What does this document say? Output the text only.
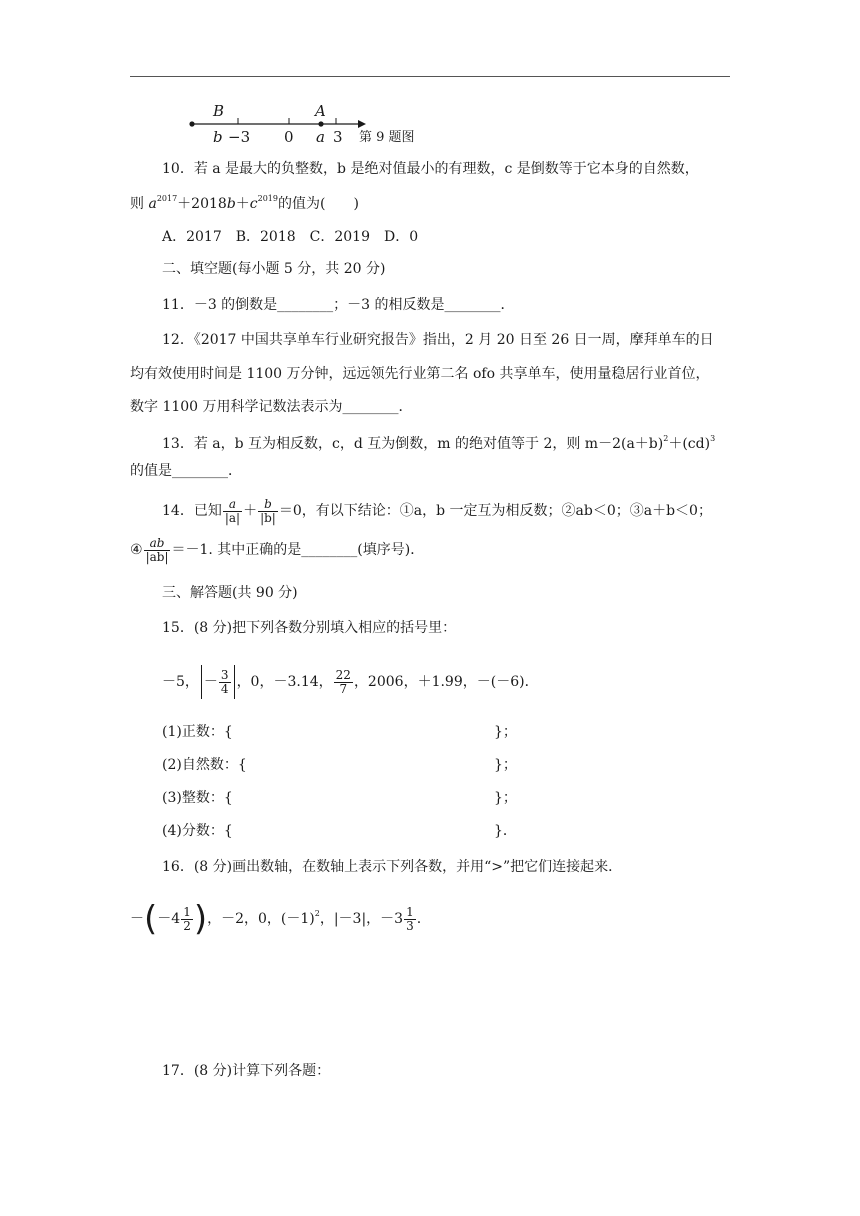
B	A
b −3 0 a 3 第 9 题图
10．若 a 是最大的负整数，b 是绝对值最小的有理数，c 是倒数等于它本身的自然数，
则 $a^{2017}+2018b+c^{2019}$的值为(　　)
A．2017　B．2018　C．2019　D．0
二、填空题(每小题 5 分，共 20 分)
11．－3 的倒数是________；－3 的相反数是________．
12．《2017 中国共享单车行业研究报告》指出，2 月 20 日至 26 日一周，摩拜单车的日
均有效使用时间是 1100 万分钟，远远领先行业第二名 ofo 共享单车，使用量稳居行业首位，
数字 1100 万用科学记数法表示为________．
13．若 a，b 互为相反数，c，d 互为倒数，m 的绝对值等于 2，则 $m-2(a+b)^2+(cd)^3$
的值是________．
14．已知 $\frac{a}{|a|} + \frac{b}{|b|} =0$，有以下结论：①a，b 一定互为相反数；②ab＜0；③a＋b＜0；
④ $\frac{ab}{|ab|} =-1$. 其中正确的是________(填序号)．
三、解答题(共 90 分)
15．(8 分)把下列各数分别填入相应的括号里：
－5， － $\frac{3}{4}$ ，0，－3.14， $\frac{22}{7}$ ，2006，＋1.99，－(－6)．
(1)正数：{	}；
(2)自然数：{	}；
(3)整数：{	}；
(4)分数：{	}．
16．(8 分)画出数轴，在数轴上表示下列各数，并用“>”把它们连接起来．
$-(-4 \frac{1}{2}$ )，－2，0，$(-1)^2$，|－3|，$-3 \frac{1}{3}$ .
17．(8 分)计算下列各题：
